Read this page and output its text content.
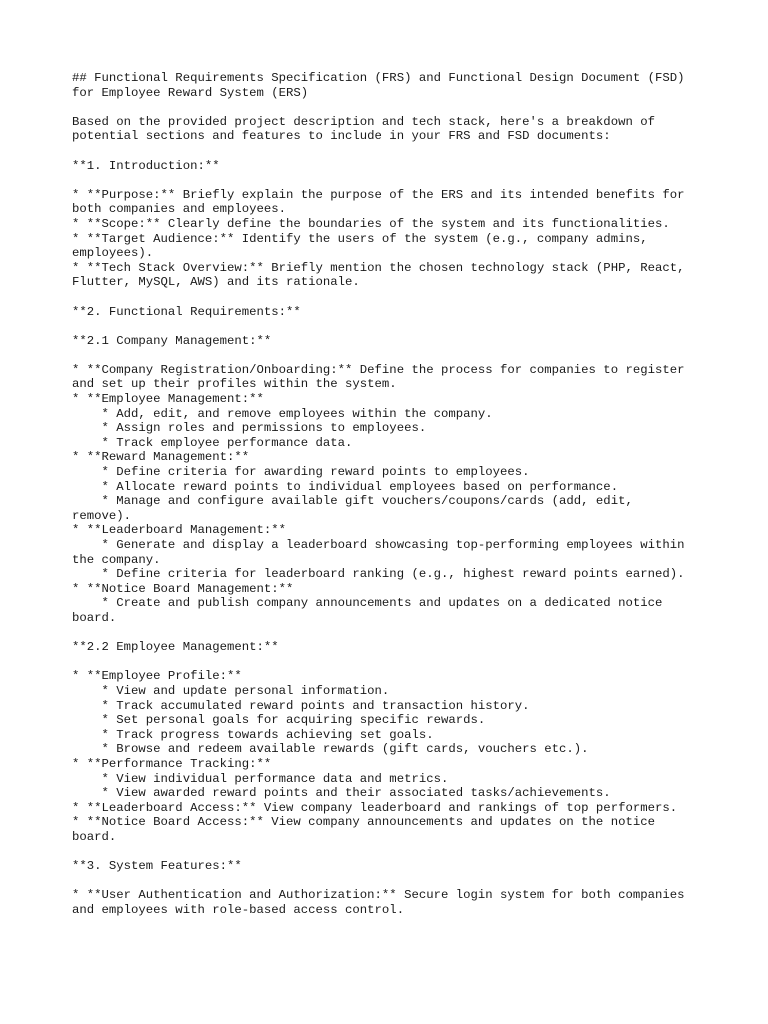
## Functional Requirements Specification (FRS) and Functional Design Document (FSD)
for Employee Reward System (ERS)
Based on the provided project description and tech stack, here's a breakdown of
potential sections and features to include in your FRS and FSD documents:
**1. Introduction:**
* **Purpose:** Briefly explain the purpose of the ERS and its intended benefits for
both companies and employees.
* **Scope:** Clearly define the boundaries of the system and its functionalities.
* **Target Audience:** Identify the users of the system (e.g., company admins,
employees).
* **Tech Stack Overview:** Briefly mention the chosen technology stack (PHP, React,
Flutter, MySQL, AWS) and its rationale.
**2. Functional Requirements:**
**2.1 Company Management:**
* **Company Registration/Onboarding:** Define the process for companies to register
and set up their profiles within the system.
* **Employee Management:**
* Add, edit, and remove employees within the company.
* Assign roles and permissions to employees.
* Track employee performance data.
* **Reward Management:**
* Define criteria for awarding reward points to employees.
* Allocate reward points to individual employees based on performance.
* Manage and configure available gift vouchers/coupons/cards (add, edit,
remove).
* **Leaderboard Management:**
* Generate and display a leaderboard showcasing top-performing employees within
the company.
* Define criteria for leaderboard ranking (e.g., highest reward points earned).
* **Notice Board Management:**
* Create and publish company announcements and updates on a dedicated notice
board.
**2.2 Employee Management:**
* **Employee Profile:**
* View and update personal information.
* Track accumulated reward points and transaction history.
* Set personal goals for acquiring specific rewards.
* Track progress towards achieving set goals.
* Browse and redeem available rewards (gift cards, vouchers etc.).
* **Performance Tracking:**
* View individual performance data and metrics.
* View awarded reward points and their associated tasks/achievements.
* **Leaderboard Access:** View company leaderboard and rankings of top performers.
* **Notice Board Access:** View company announcements and updates on the notice
board.
**3. System Features:**
* **User Authentication and Authorization:** Secure login system for both companies
and employees with role-based access control.
